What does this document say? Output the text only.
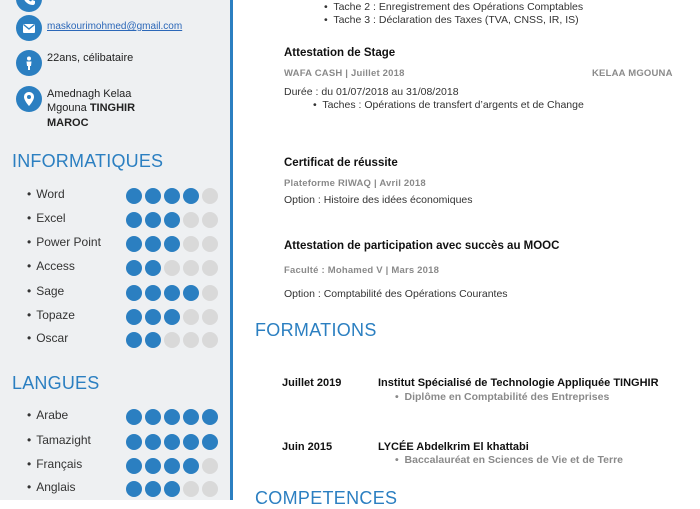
maskourimohmed@gmail.com
22ans, célibataire
Amednagh Kelaa
Mgouna TINGHIR
MAROC
INFORMATIQUES
• Word
• Excel
• Power Point
• Access
• Sage
• Topaze
• Oscar
LANGUES
• Arabe
• Tamazight
• Français
• Anglais
•  Tache 2 : Enregistrement des Opérations Comptables
•  Tache 3 : Déclaration des Taxes (TVA, CNSS, IR, IS)
Attestation de Stage
WAFA CASH | Juillet 2018	KELAA MGOUNA
Durée : du 01/07/2018 au 31/08/2018
•  Taches : Opérations de transfert d’argents et de Change
Certificat de réussite
Plateforme RIWAQ | Avril 2018
Option : Histoire des idées économiques
Attestation de participation avec succès au MOOC
Faculté : Mohamed V | Mars 2018
Option : Comptabilité des Opérations Courantes
FORMATIONS
Juillet 2019	Institut Spécialisé de Technologie Appliquée TINGHIR
•  Diplôme en Comptabilité des Entreprises
Juin 2015	LYCÉE Abdelkrim El khattabi
•  Baccalauréat en Sciences de Vie et de Terre
COMPETENCES
